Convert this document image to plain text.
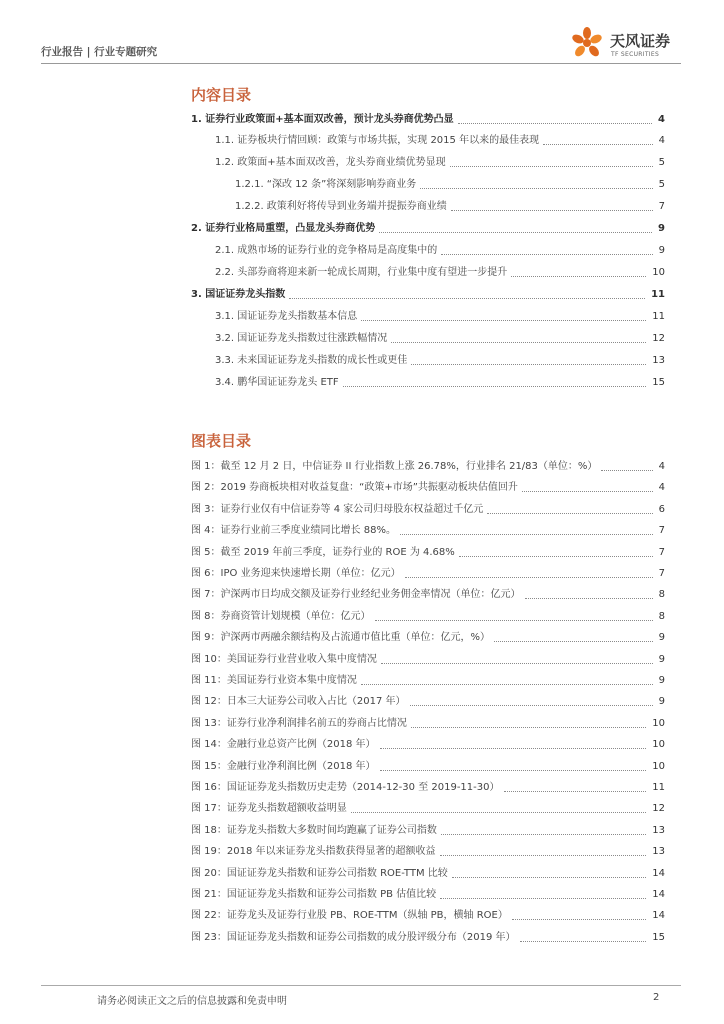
行业报告 | 行业专题研究
天风证券
TF SECURITIES
内容目录
1. 证券行业政策面+基本面双改善，预计龙头券商优势凸显	4
1.1. 证券板块行情回顾：政策与市场共振，实现 2015 年以来的最佳表现	4
1.2. 政策面+基本面双改善，龙头券商业绩优势显现	5
1.2.1. “深改 12 条”将深刻影响券商业务	5
1.2.2. 政策利好将传导到业务端并提振券商业绩	7
2. 证券行业格局重塑，凸显龙头券商优势	9
2.1. 成熟市场的证券行业的竞争格局是高度集中的	9
2.2. 头部券商将迎来新一轮成长周期，行业集中度有望进一步提升	10
3. 国证证券龙头指数	11
3.1. 国证证券龙头指数基本信息	11
3.2. 国证证券龙头指数过往涨跌幅情况	12
3.3. 未来国证证券龙头指数的成长性或更佳	13
3.4. 鹏华国证证券龙头 ETF	15
图表目录
图 1：截至 12 月 2 日，中信证券 II 行业指数上涨 26.78%，行业排名 21/83（单位：%）	4
图 2：2019 券商板块相对收益复盘：“政策+市场”共振驱动板块估值回升	4
图 3：证券行业仅有中信证券等 4 家公司归母股东权益超过千亿元	6
图 4：证券行业前三季度业绩同比增长 88%。	7
图 5：截至 2019 年前三季度，证券行业的 ROE 为 4.68%	7
图 6：IPO 业务迎来快速增长期（单位：亿元）	7
图 7：沪深两市日均成交额及证券行业经纪业务佣金率情况（单位：亿元）	8
图 8：券商资管计划规模（单位：亿元）	8
图 9：沪深两市两融余额结构及占流通市值比重（单位：亿元，%）	9
图 10：美国证券行业营业收入集中度情况	9
图 11：美国证券行业资本集中度情况	9
图 12：日本三大证券公司收入占比（2017 年）	9
图 13：证券行业净利润排名前五的券商占比情况	10
图 14：金融行业总资产比例（2018 年）	10
图 15：金融行业净利润比例（2018 年）	10
图 16：国证证券龙头指数历史走势（2014-12-30 至 2019-11-30）	11
图 17：证券龙头指数超额收益明显	12
图 18：证券龙头指数大多数时间均跑赢了证券公司指数	13
图 19：2018 年以来证券龙头指数获得显著的超额收益	13
图 20：国证证券龙头指数和证券公司指数 ROE-TTM 比较	14
图 21：国证证券龙头指数和证券公司指数 PB 估值比较	14
图 22：证券龙头及证券行业股 PB、ROE-TTM（纵轴 PB，横轴 ROE）	14
图 23：国证证券龙头指数和证券公司指数的成分股评级分布（2019 年）	15
请务必阅读正文之后的信息披露和免责申明	2
